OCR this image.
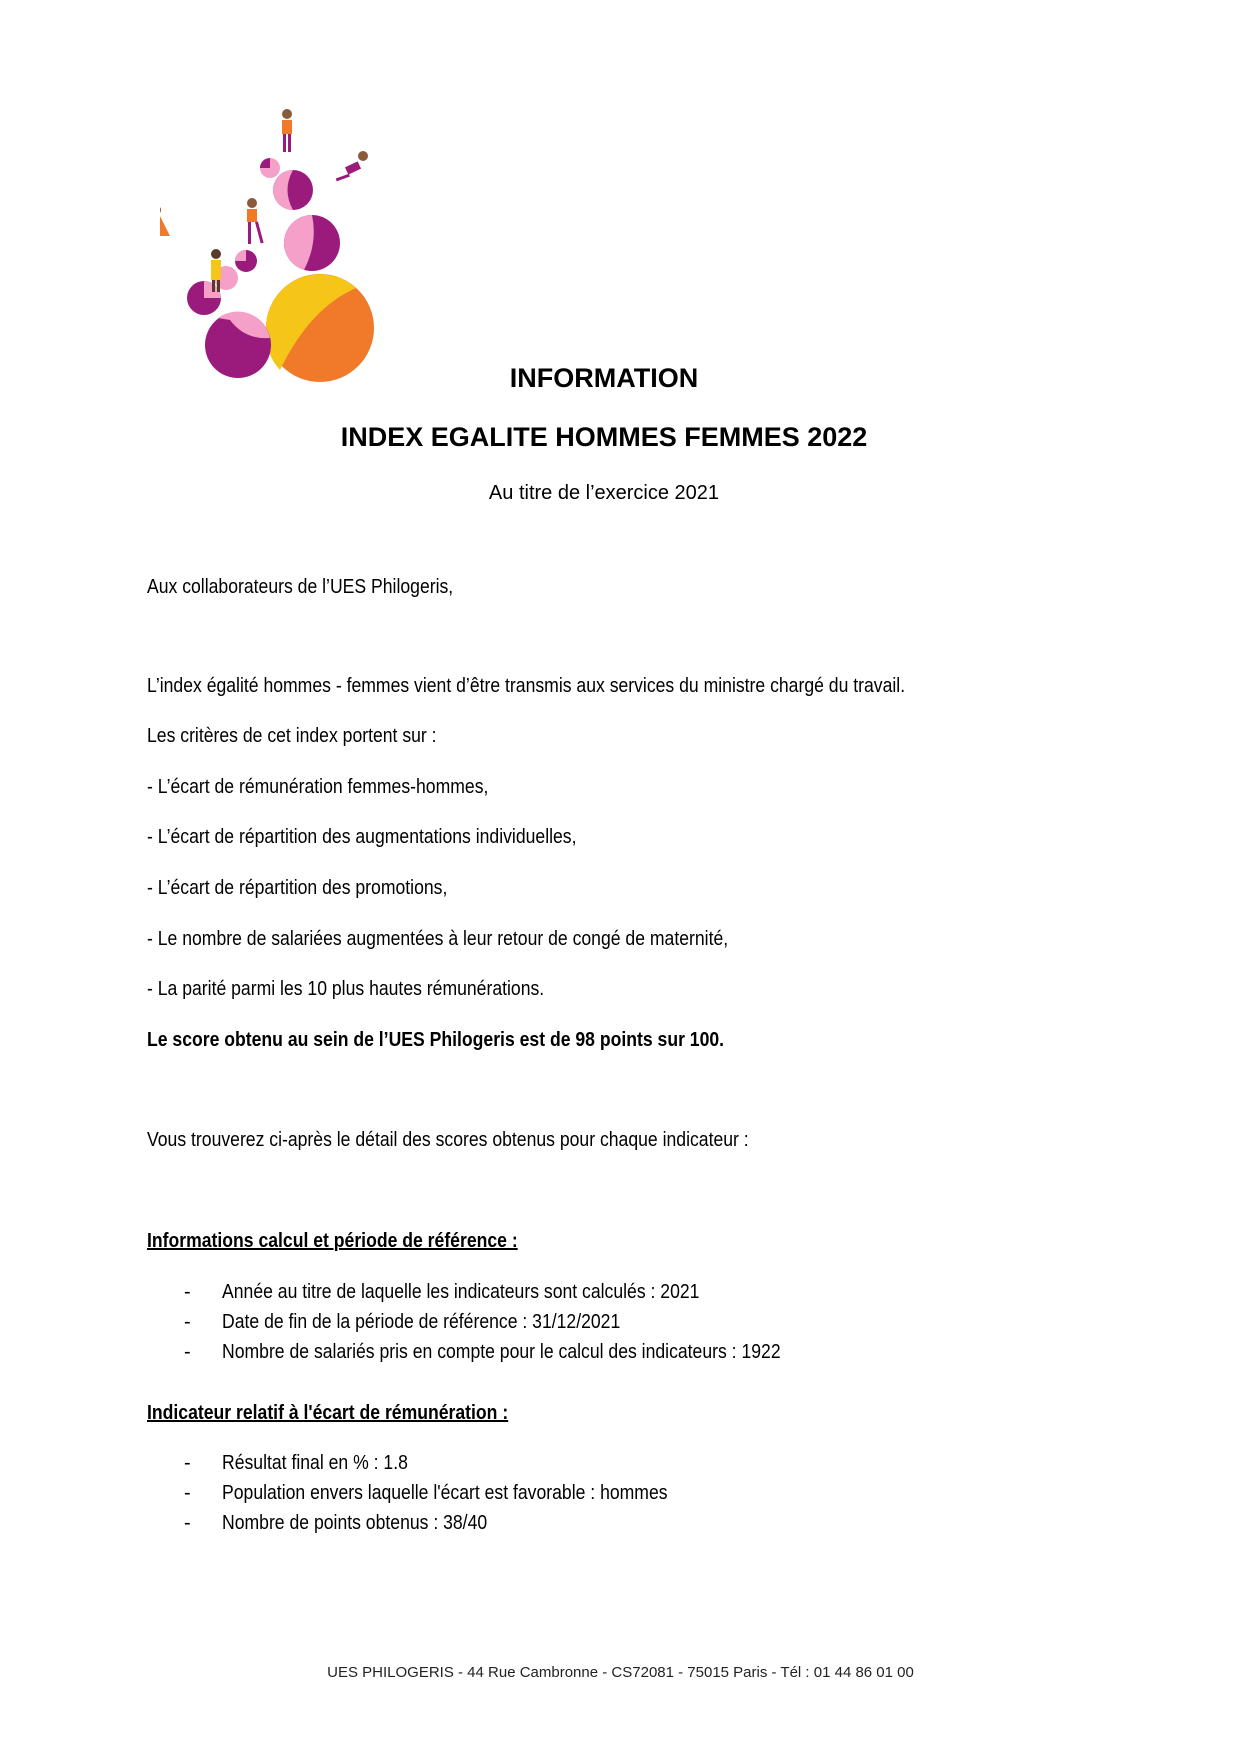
INFORMATION
INDEX EGALITE HOMMES FEMMES 2022
Au titre de l’exercice 2021
Aux collaborateurs de l’UES Philogeris,
L’index égalité hommes - femmes vient d’être transmis aux services du ministre chargé du travail.
Les critères de cet index portent sur :
- L’écart de rémunération femmes-hommes,
- L’écart de répartition des augmentations individuelles,
- L’écart de répartition des promotions,
- Le nombre de salariées augmentées à leur retour de congé de maternité,
- La parité parmi les 10 plus hautes rémunérations.
Le score obtenu au sein de l’UES Philogeris est de 98 points sur 100.
Vous trouverez ci-après le détail des scores obtenus pour chaque indicateur :
Informations calcul et période de référence :
- Année au titre de laquelle les indicateurs sont calculés : 2021
- Date de fin de la période de référence : 31/12/2021
- Nombre de salariés pris en compte pour le calcul des indicateurs : 1922
Indicateur relatif à l'écart de rémunération :
- Résultat final en % : 1.8
- Population envers laquelle l'écart est favorable : hommes
- Nombre de points obtenus : 38/40
UES PHILOGERIS - 44 Rue Cambronne - CS72081 - 75015 Paris - Tél : 01 44 86 01 00
